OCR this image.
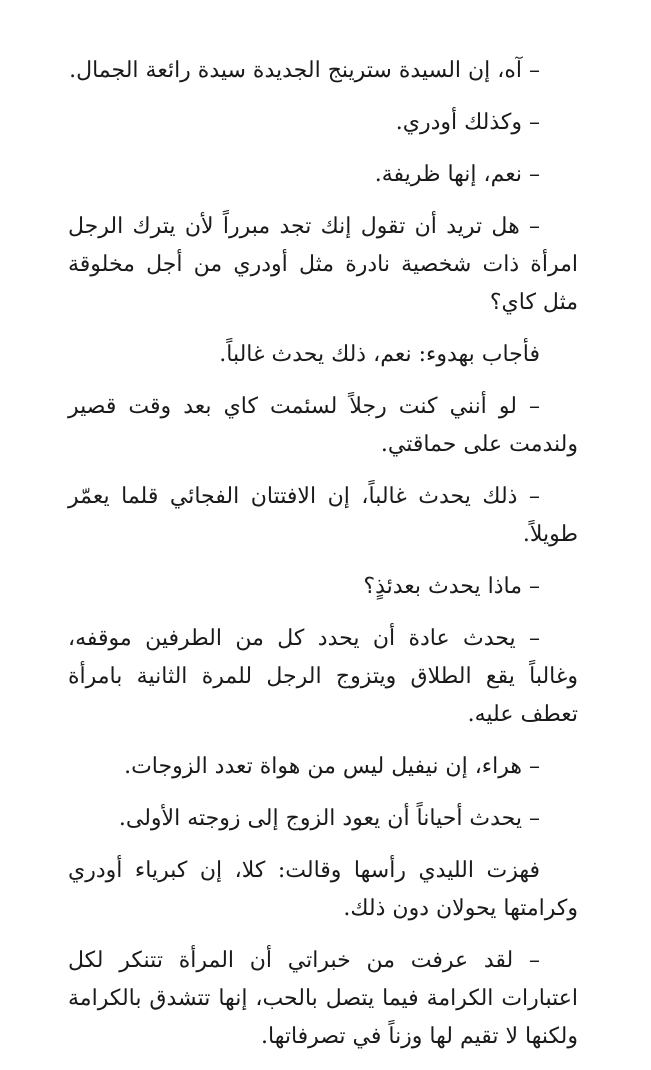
– آه، إن السيدة سترينج الجديدة سيدة رائعة الجمال.

– وكذلك أودري.

– نعم، إنها ظريفة.

– هل تريد أن تقول إنك تجد مبرراً لأن يترك الرجل امرأة ذات شخصية نادرة مثل أودري من أجل مخلوقة مثل كاي؟

فأجاب بهدوء: نعم، ذلك يحدث غالباً.

– لو أنني كنت رجلاً لسئمت كاي بعد وقت قصير ولندمت على حماقتي.

– ذلك يحدث غالباً، إن الافتتان الفجائي قلما يعمّر طويلاً.

– ماذا يحدث بعدئذٍ؟

– يحدث عادة أن يحدد كل من الطرفين موقفه، وغالباً يقع الطلاق ويتزوج الرجل للمرة الثانية بامرأة تعطف عليه.

– هراء، إن نيفيل ليس من هواة تعدد الزوجات.

– يحدث أحياناً أن يعود الزوج إلى زوجته الأولى.

فهزت الليدي رأسها وقالت: كلا، إن كبرياء أودري وكرامتها يحولان دون ذلك.

– لقد عرفت من خبراتي أن المرأة تتنكر لكل اعتبارات الكرامة فيما يتصل بالحب، إنها تتشدق بالكرامة ولكنها لا تقيم لها وزناً في تصرفاتها.
